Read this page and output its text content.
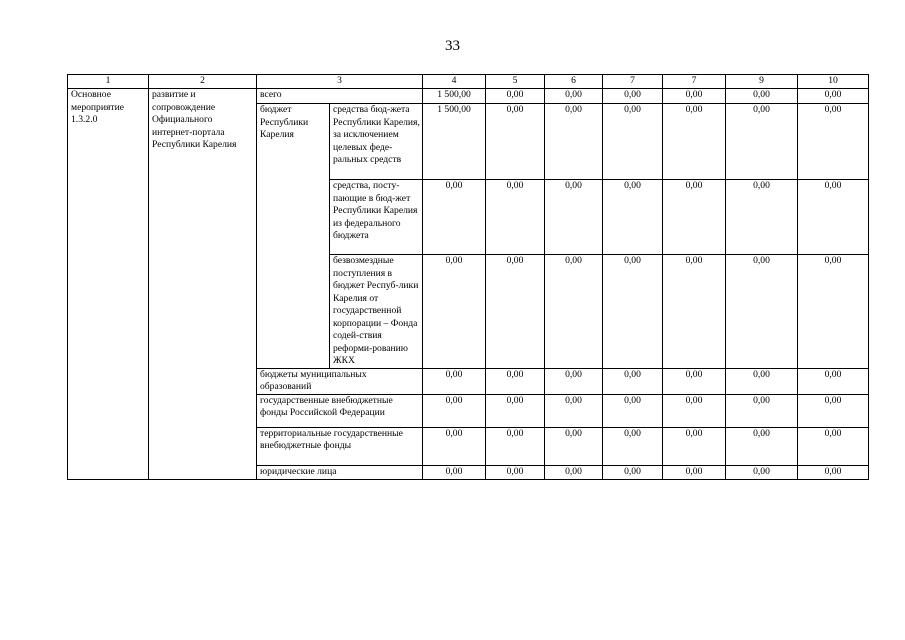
33
1	2	3		4	5	6	7	7	9	10
Основное мероприятие 1.3.2.0	развитие и сопровождение Официального интернет-портала Республики Карелия	всего		1 500,00	0,00	0,00	0,00	0,00	0,00	0,00
		бюджет Республики Карелия	средства бюд-жета Республики Карелия, за исключением целевых феде-ральных средств	1 500,00	0,00	0,00	0,00	0,00	0,00	0,00
			средства, посту-пающие в бюд-жет Республики Карелия из федерального бюджета	0,00	0,00	0,00	0,00	0,00	0,00	0,00
			безвозмездные поступления в бюджет Респуб-лики Карелия от государственной корпорации – Фонда содей-ствия реформи-рованию ЖКХ	0,00	0,00	0,00	0,00	0,00	0,00	0,00
		бюджеты муниципальных образований		0,00	0,00	0,00	0,00	0,00	0,00	0,00
		государственные внебюджетные фонды Российской Федерации		0,00	0,00	0,00	0,00	0,00	0,00	0,00
		территориальные государственные внебюджетные фонды		0,00	0,00	0,00	0,00	0,00	0,00	0,00
		юридические лица		0,00	0,00	0,00	0,00	0,00	0,00	0,00
